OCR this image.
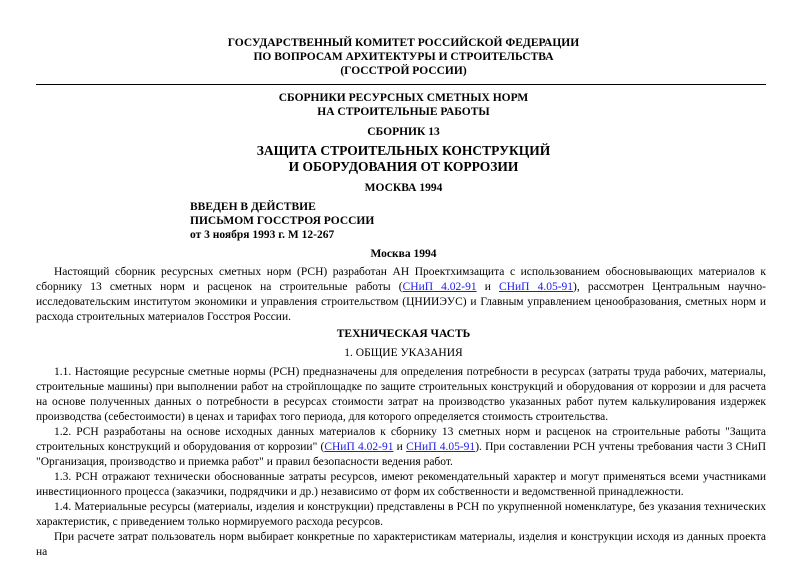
ГОСУДАРСТВЕННЫЙ КОМИТЕТ РОССИЙСКОЙ ФЕДЕРАЦИИ
ПО ВОПРОСАМ АРХИТЕКТУРЫ И СТРОИТЕЛЬСТВА
(ГОССТРОЙ РОССИИ)
СБОРНИКИ РЕСУРСНЫХ СМЕТНЫХ НОРМ
НА СТРОИТЕЛЬНЫЕ РАБОТЫ
СБОРНИК 13
ЗАЩИТА СТРОИТЕЛЬНЫХ КОНСТРУКЦИЙ
И ОБОРУДОВАНИЯ ОТ КОРРОЗИИ
МОСКВА 1994
ВВЕДЕН В ДЕЙСТВИЕ
ПИСЬМОМ ГОССТРОЯ РОССИИ
от 3 ноября 1993 г. М 12-267
Москва 1994

Настоящий сборник ресурсных сметных норм (РСН) разработан АН Проектхимзащита с использованием обосновывающих материалов к сборнику 13 сметных норм и расценок на строительные работы (СНиП 4.02-91 и СНиП 4.05-91), рассмотрен Центральным научно-исследовательским институтом экономики и управления строительством (ЦНИИЭУС) и Главным управлением ценообразования, сметных норм и расхода строительных материалов Госстроя России.

ТЕХНИЧЕСКАЯ ЧАСТЬ
1. ОБЩИЕ УКАЗАНИЯ

1.1. Настоящие ресурсные сметные нормы (РСН) предназначены для определения потребности в ресурсах (затраты труда рабочих, материалы, строительные машины) при выполнении работ на стройплощадке по защите строительных конструкций и оборудования от коррозии и для расчета на основе полученных данных о потребности в ресурсах стоимости затрат на производство указанных работ путем калькулирования издержек производства (себестоимости) в ценах и тарифах того периода, для которого определяется стоимость строительства.

1.2. РСН разработаны на основе исходных данных материалов к сборнику 13 сметных норм и расценок на строительные работы "Защита строительных конструкций и оборудования от коррозии" (СНиП 4.02-91 и СНиП 4.05-91). При составлении РСН учтены требования части 3 СНиП "Организация, производство и приемка работ" и правил безопасности ведения работ.

1.3. РСН отражают технически обоснованные затраты ресурсов, имеют рекомендательный характер и могут применяться всеми участниками инвестиционного процесса (заказчики, подрядчики и др.) независимо от форм их собственности и ведомственной принадлежности.

1.4. Материальные ресурсы (материалы, изделия и конструкции) представлены в РСН по укрупненной номенклатуре, без указания технических характеристик, с приведением только нормируемого расхода ресурсов.

При расчете затрат пользователь норм выбирает конкретные по характеристикам материалы, изделия и конструкции исходя из данных проекта на
